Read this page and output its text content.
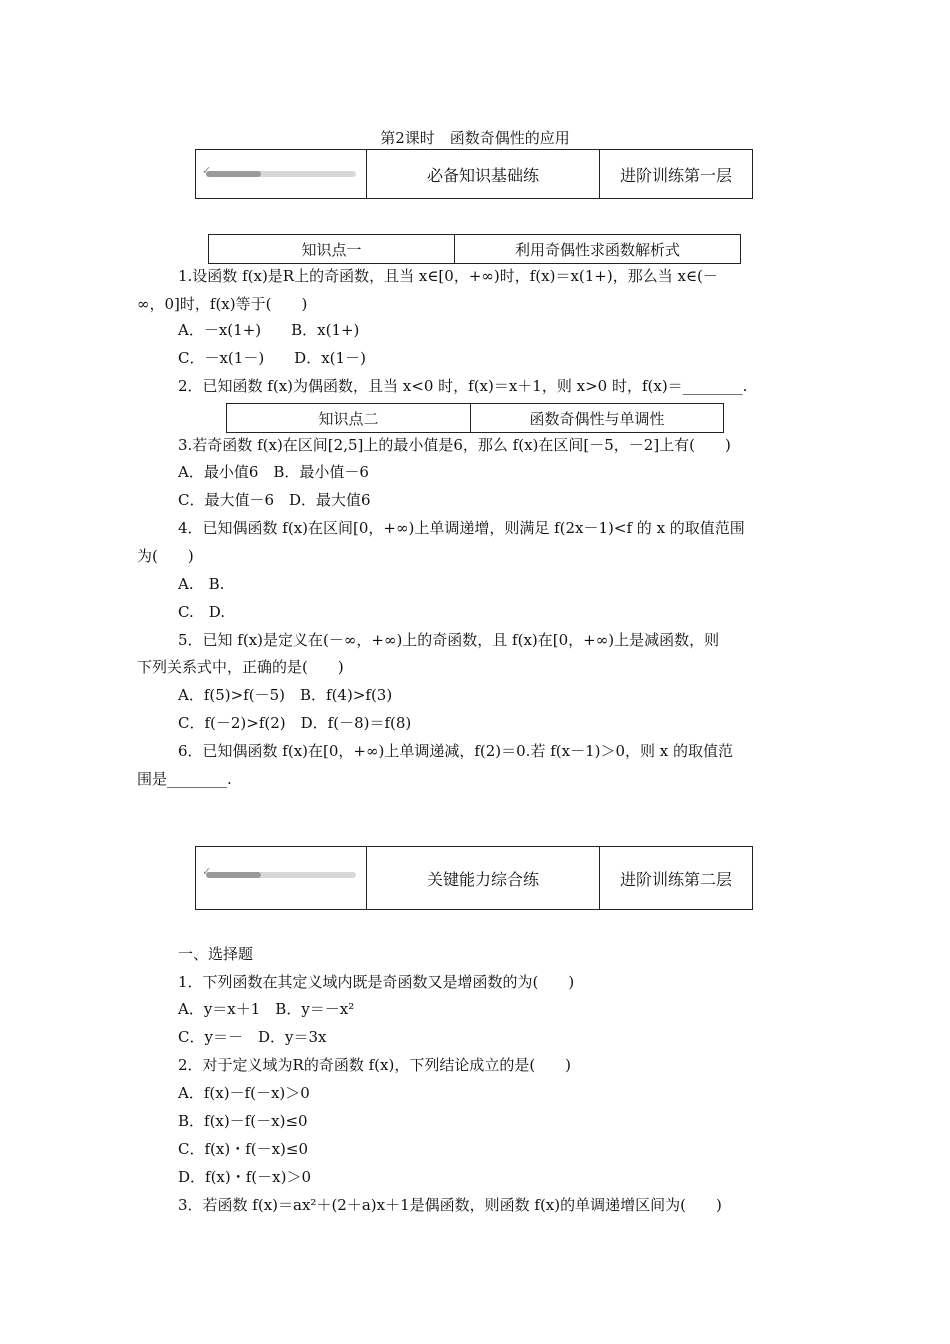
第2课时　函数奇偶性的应用
✓	必备知识基础练	进阶训练第一层
知识点一	利用奇偶性求函数解析式
1.设函数 f(x)是R上的奇函数，且当 x∈[0，+∞)时，f(x)＝x(1+)，那么当 x∈(－
∞，0]时，f(x)等于(　　)
A．－x(1+)　　B．x(1+)
C．－x(1－)　　D．x(1－)
2．已知函数 f(x)为偶函数，且当 x<0 时，f(x)＝x＋1，则 x>0 时，f(x)＝________.
知识点二	函数奇偶性与单调性
3.若奇函数 f(x)在区间[2,5]上的最小值是6，那么 f(x)在区间[－5，－2]上有(　　)
A．最小值6　B．最小值－6
C．最大值－6　D．最大值6
4．已知偶函数 f(x)在区间[0，+∞)上单调递增，则满足 f(2x－1)<f 的 x 的取值范围
为(　　)
A.　B.
C.　D.
5．已知 f(x)是定义在(－∞，+∞)上的奇函数，且 f(x)在[0，+∞)上是减函数，则
下列关系式中，正确的是(　　)
A．f(5)>f(－5)　B．f(4)>f(3)
C．f(－2)>f(2)　D．f(－8)＝f(8)
6．已知偶函数 f(x)在[0，+∞)上单调递减，f(2)＝0.若 f(x－1)＞0，则 x 的取值范
围是________.
✓	关键能力综合练	进阶训练第二层
一、选择题
1．下列函数在其定义域内既是奇函数又是增函数的为(　　)
A．y＝x＋1　B．y＝－x²
C．y＝－　D．y＝3x
2．对于定义域为R的奇函数 f(x)，下列结论成立的是(　　)
A．f(x)－f(－x)＞0
B．f(x)－f(－x)≤0
C．f(x)・f(－x)≤0
D．f(x)・f(－x)＞0
3．若函数 f(x)＝ax²＋(2＋a)x＋1是偶函数，则函数 f(x)的单调递增区间为(　　)
